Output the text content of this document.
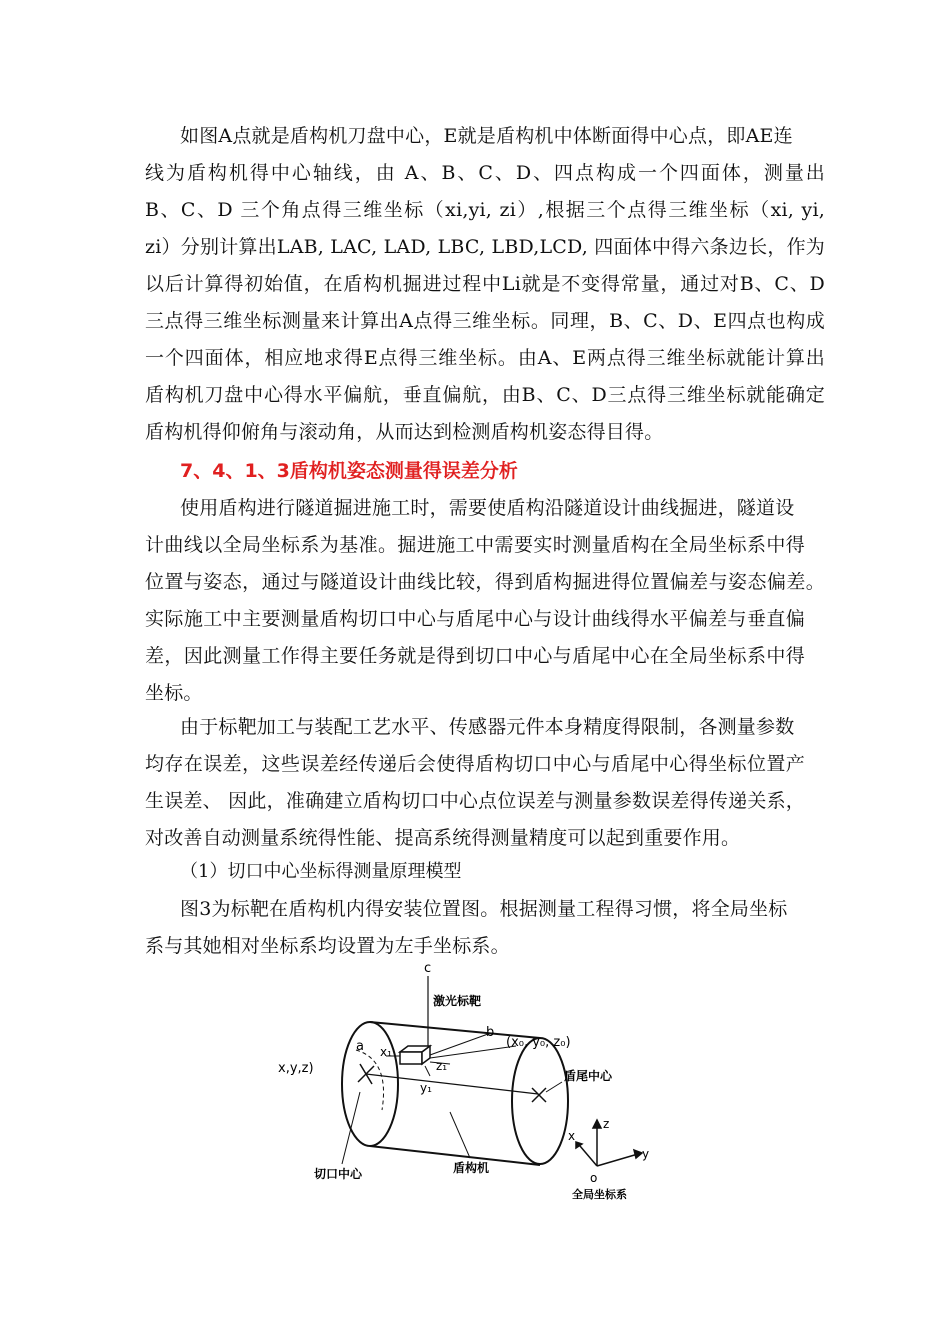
如图A点就是盾构机刀盘中心，E就是盾构机中体断面得中心点，即AE连
线为盾构机得中心轴线，由 A、B、C、D、四点构成一个四面体，测量出
B、C、D 三个角点得三维坐标（xi,yi, zi）,根据三个点得三维坐标（xi, yi,
zi）分别计算出LAB, LAC, LAD, LBC, LBD,LCD, 四面体中得六条边长，作为
以后计算得初始值，在盾构机掘进过程中Li就是不变得常量，通过对B、C、D
三点得三维坐标测量来计算出A点得三维坐标。同理，B、C、D、E四点也构成
一个四面体，相应地求得E点得三维坐标。由A、E两点得三维坐标就能计算出
盾构机刀盘中心得水平偏航，垂直偏航，由B、C、D三点得三维坐标就能确定
盾构机得仰俯角与滚动角，从而达到检测盾构机姿态得目得。
7、4、1、3盾构机姿态测量得误差分析
使用盾构进行隧道掘进施工时，需要使盾构沿隧道设计曲线掘进，隧道设
计曲线以全局坐标系为基准。掘进施工中需要实时测量盾构在全局坐标系中得
位置与姿态，通过与隧道设计曲线比较，得到盾构掘进得位置偏差与姿态偏差。
实际施工中主要测量盾构切口中心与盾尾中心与设计曲线得水平偏差与垂直偏
差，因此测量工作得主要任务就是得到切口中心与盾尾中心在全局坐标系中得
坐标。
由于标靶加工与装配工艺水平、传感器元件本身精度得限制，各测量参数
均存在误差，这些误差经传递后会使得盾构切口中心与盾尾中心得坐标位置产
生误差、 因此，准确建立盾构切口中心点位误差与测量参数误差得传递关系，
对改善自动测量系统得性能、提高系统得测量精度可以起到重要作用。
（1）切口中心坐标得测量原理模型
图3为标靶在盾构机内得安装位置图。根据测量工程得习惯，将全局坐标
系与其她相对坐标系均设置为左手坐标系。
c
激光标靶
b
a x₁
(x₀, y₀, z₀)
x,y,z)	z₁
y₁
盾尾中心
盾构机
切口中心
z
x
y
o
全局坐标系
